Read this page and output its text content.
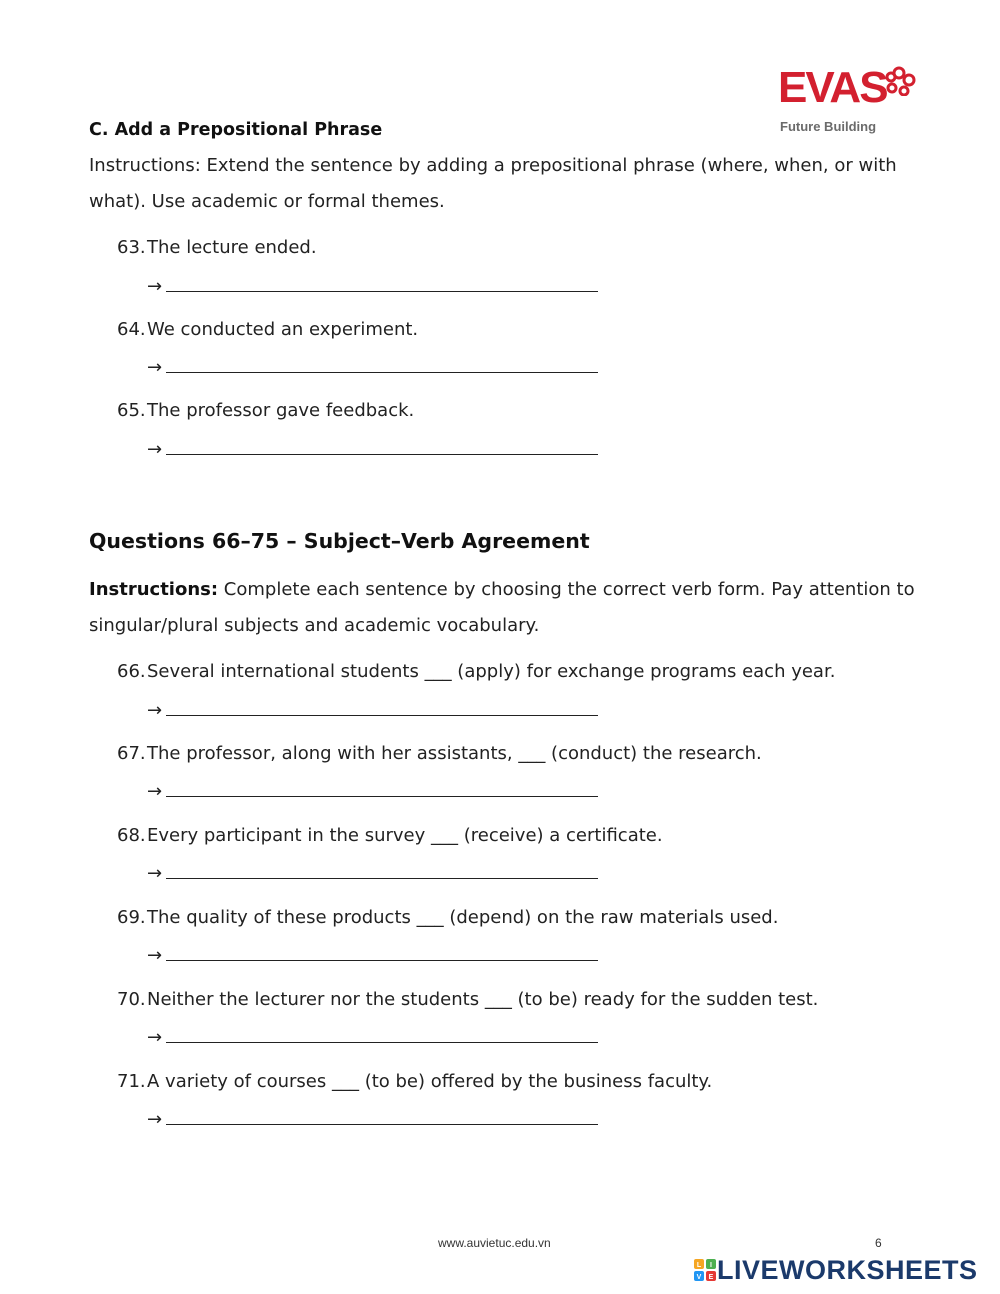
EVAS
Future Building
C. Add a Prepositional Phrase
Instructions: Extend the sentence by adding a prepositional phrase (where, when, or with what). Use academic or formal themes.
63.The lecture ended.
→
64.We conducted an experiment.
→
65.The professor gave feedback.
→
Questions 66–75 – Subject–Verb Agreement
Instructions: Complete each sentence by choosing the correct verb form. Pay attention to singular/plural subjects and academic vocabulary.
66.Several international students ___ (apply) for exchange programs each year.
→
67.The professor, along with her assistants, ___ (conduct) the research.
→
68.Every participant in the survey ___ (receive) a certificate.
→
69.The quality of these products ___ (depend) on the raw materials used.
→
70.Neither the lecturer nor the students ___ (to be) ready for the sudden test.
→
71.A variety of courses ___ (to be) offered by the business faculty.
→
www.auvietuc.edu.vn	6
L I
V E LIVEWORKSHEETS
